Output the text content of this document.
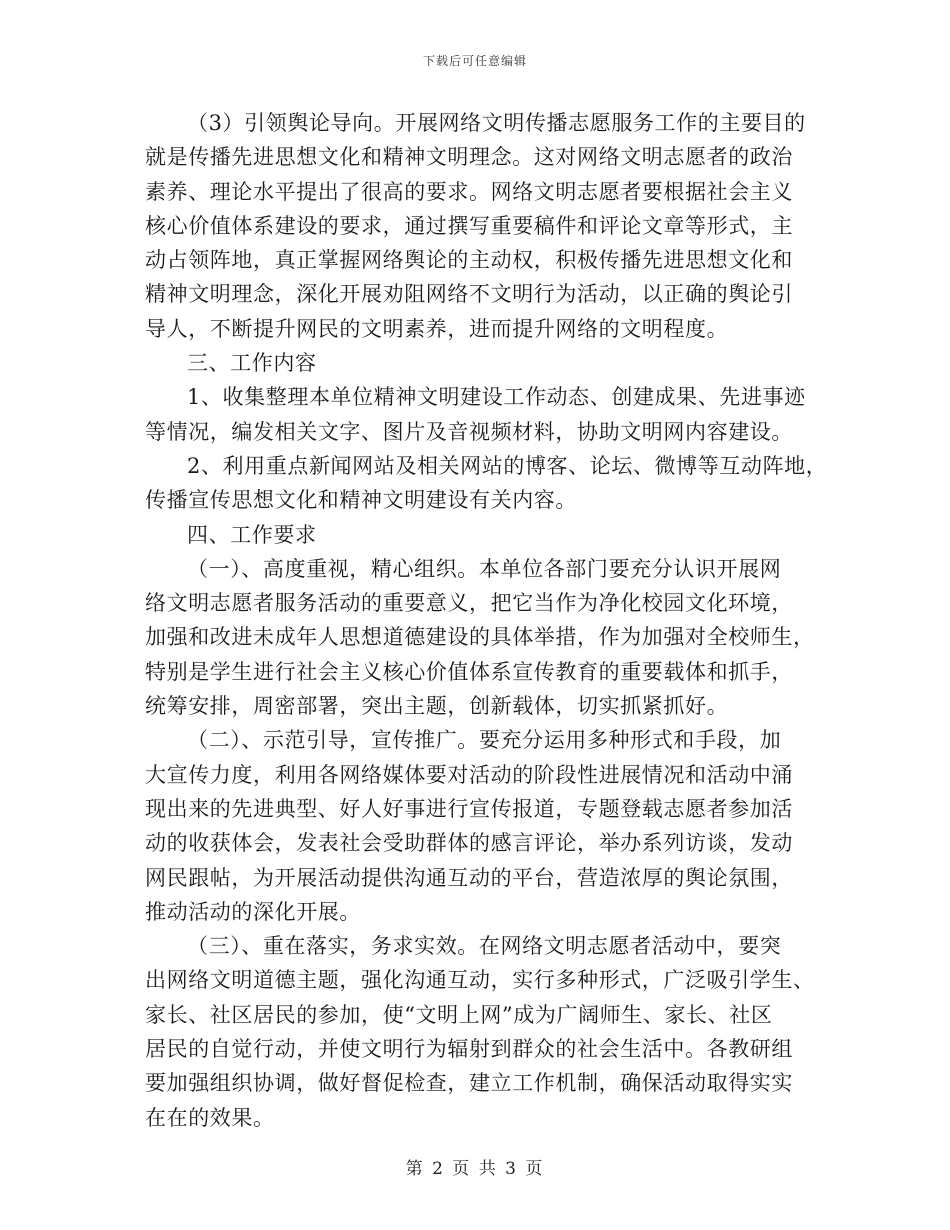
下载后可任意编辑
（3）引领舆论导向。开展网络文明传播志愿服务工作的主要目的
就是传播先进思想文化和精神文明理念。这对网络文明志愿者的政治
素养、理论水平提出了很高的要求。网络文明志愿者要根据社会主义
核心价值体系建设的要求，通过撰写重要稿件和评论文章等形式，主
动占领阵地，真正掌握网络舆论的主动权，积极传播先进思想文化和
精神文明理念，深化开展劝阻网络不文明行为活动，以正确的舆论引
导人，不断提升网民的文明素养，进而提升网络的文明程度。
三、工作内容
1、收集整理本单位精神文明建设工作动态、创建成果、先进事迹
等情况，编发相关文字、图片及音视频材料，协助文明网内容建设。
2、利用重点新闻网站及相关网站的博客、论坛、微博等互动阵地，
传播宣传思想文化和精神文明建设有关内容。
四、工作要求
（一）、高度重视，精心组织。本单位各部门要充分认识开展网
络文明志愿者服务活动的重要意义，把它当作为净化校园文化环境，
加强和改进未成年人思想道德建设的具体举措，作为加强对全校师生，
特别是学生进行社会主义核心价值体系宣传教育的重要载体和抓手，
统筹安排，周密部署，突出主题，创新载体，切实抓紧抓好。
（二）、示范引导，宣传推广。要充分运用多种形式和手段，加
大宣传力度，利用各网络媒体要对活动的阶段性进展情况和活动中涌
现出来的先进典型、好人好事进行宣传报道，专题登载志愿者参加活
动的收获体会，发表社会受助群体的感言评论，举办系列访谈，发动
网民跟帖，为开展活动提供沟通互动的平台，营造浓厚的舆论氛围，
推动活动的深化开展。
（三）、重在落实，务求实效。在网络文明志愿者活动中，要突
出网络文明道德主题，强化沟通互动，实行多种形式，广泛吸引学生、
家长、社区居民的参加，使“文明上网”成为广阔师生、家长、社区
居民的自觉行动，并使文明行为辐射到群众的社会生活中。各教研组
要加强组织协调，做好督促检查，建立工作机制，确保活动取得实实
在在的效果。
第 2 页 共 3 页
